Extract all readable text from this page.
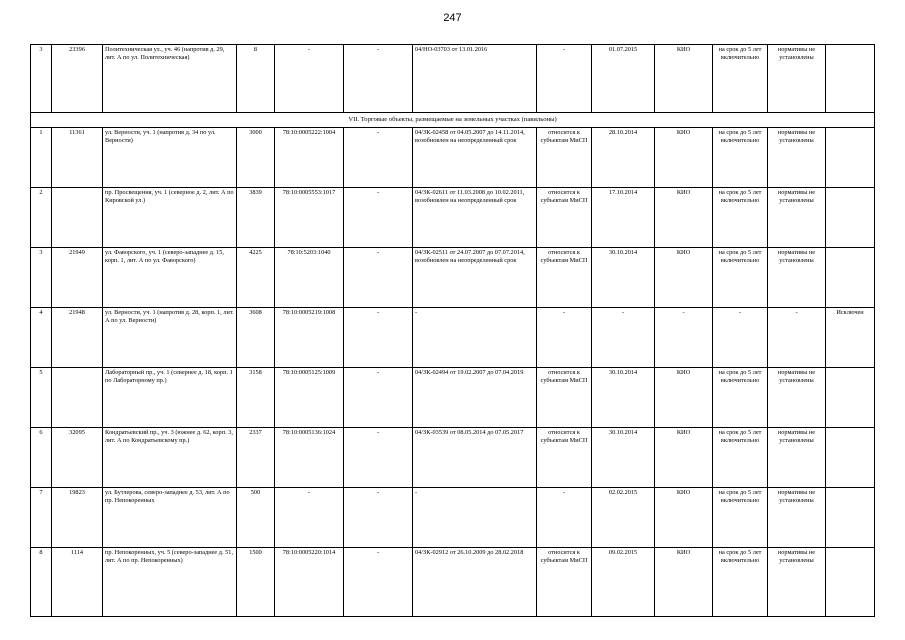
247
3	23396	Политехническая ул., уч. 46 (напротив д. 29, лит. А по ул. Политехническая)	8	-	-	04/НО-03703 от 13.01.2016	-	01.07.2015	КИО	на срок до 5 лет включительно	нормативы не установлены	
VII. Торговые объекты, размещаемые на земельных участках (павильоны)												
1	11361	ул. Верности, уч. 1 (напротив д. 34 по ул. Верности)	3000	78:10:0005222:1004	-	04/ЗК-02458 от 04.05.2007 до 14.11.2014, возобновлен на неопределенный срок	относится к субъектам МиСП	28.10.2014	КИО	на срок до 5 лет включительно	нормативы не установлены	
2		пр. Просвещения, уч. 1 (северное д. 2, лит. А по Кировской ул.)	3839	78:10:0005553:1017	-	04/ЗК-02611 от 11.03.2008 до 10.02.2011, возобновлен на неопределенный срок	относится к субъектам МиСП	17.10.2014	КИО	на срок до 5 лет включительно	нормативы не установлены	
3	21949	ул. Фаворского, уч. 1 (северо-западнее д. 15, корп. 1, лит. А по ул. Фаворского)	4225	78:10:5203:1040	-	04/ЗК-02511 от 24.07.2007 до 07.07.2014, возобновлен на неопределенный срок	относится к субъектам МиСП	30.10.2014	КИО	на срок до 5 лет включительно	нормативы не установлены	
4	21948	ул. Верности, уч. 1 (напротив д. 28, корп. 1, лит. А по ул. Верности)	3608	78:10:0005219:1008	-	-	-	-	-	-	-	Исключен
5		Лабораторный пр., уч. 1 (севернее д. 18, корп. 1 по Лабораторному пр.)	3158	78:10:0005125:1009	-	04/ЗК-02494 от 19.02.2007 до 07.04.2019	относится к субъектам МиСП	30.10.2014	КИО	на срок до 5 лет включительно	нормативы не установлены	
6	32095	Кондратьевский пр., уч. 3 (южнее д. 62, корп. 3, лит. А по Кондратьевскому пр.)	2337	78:10:0005136:1024	-	04/ЗК-03539 от 08.05.2014 до 07.05.2017	относится к субъектам МиСП	30.10.2014	КИО	на срок до 5 лет включительно	нормативы не установлены	
7	19823	ул. Бутлерова, северо-западнее д. 53, лит. А по пр. Непокоренных	500	-	-	-	-	02.02.2015	КИО	на срок до 5 лет включительно	нормативы не установлены	
8	1114	пр. Непокоренных, уч. 5 (северо-западнее д. 51, лит. А по пр. Непокоренных)	1500	78:10:0005220:1014	-	04/ЗК-02912 от 26.10.2009 до 28.02.2018	относится к субъектам МиСП	09.02.2015	КИО	на срок до 5 лет включительно	нормативы не установлены	
